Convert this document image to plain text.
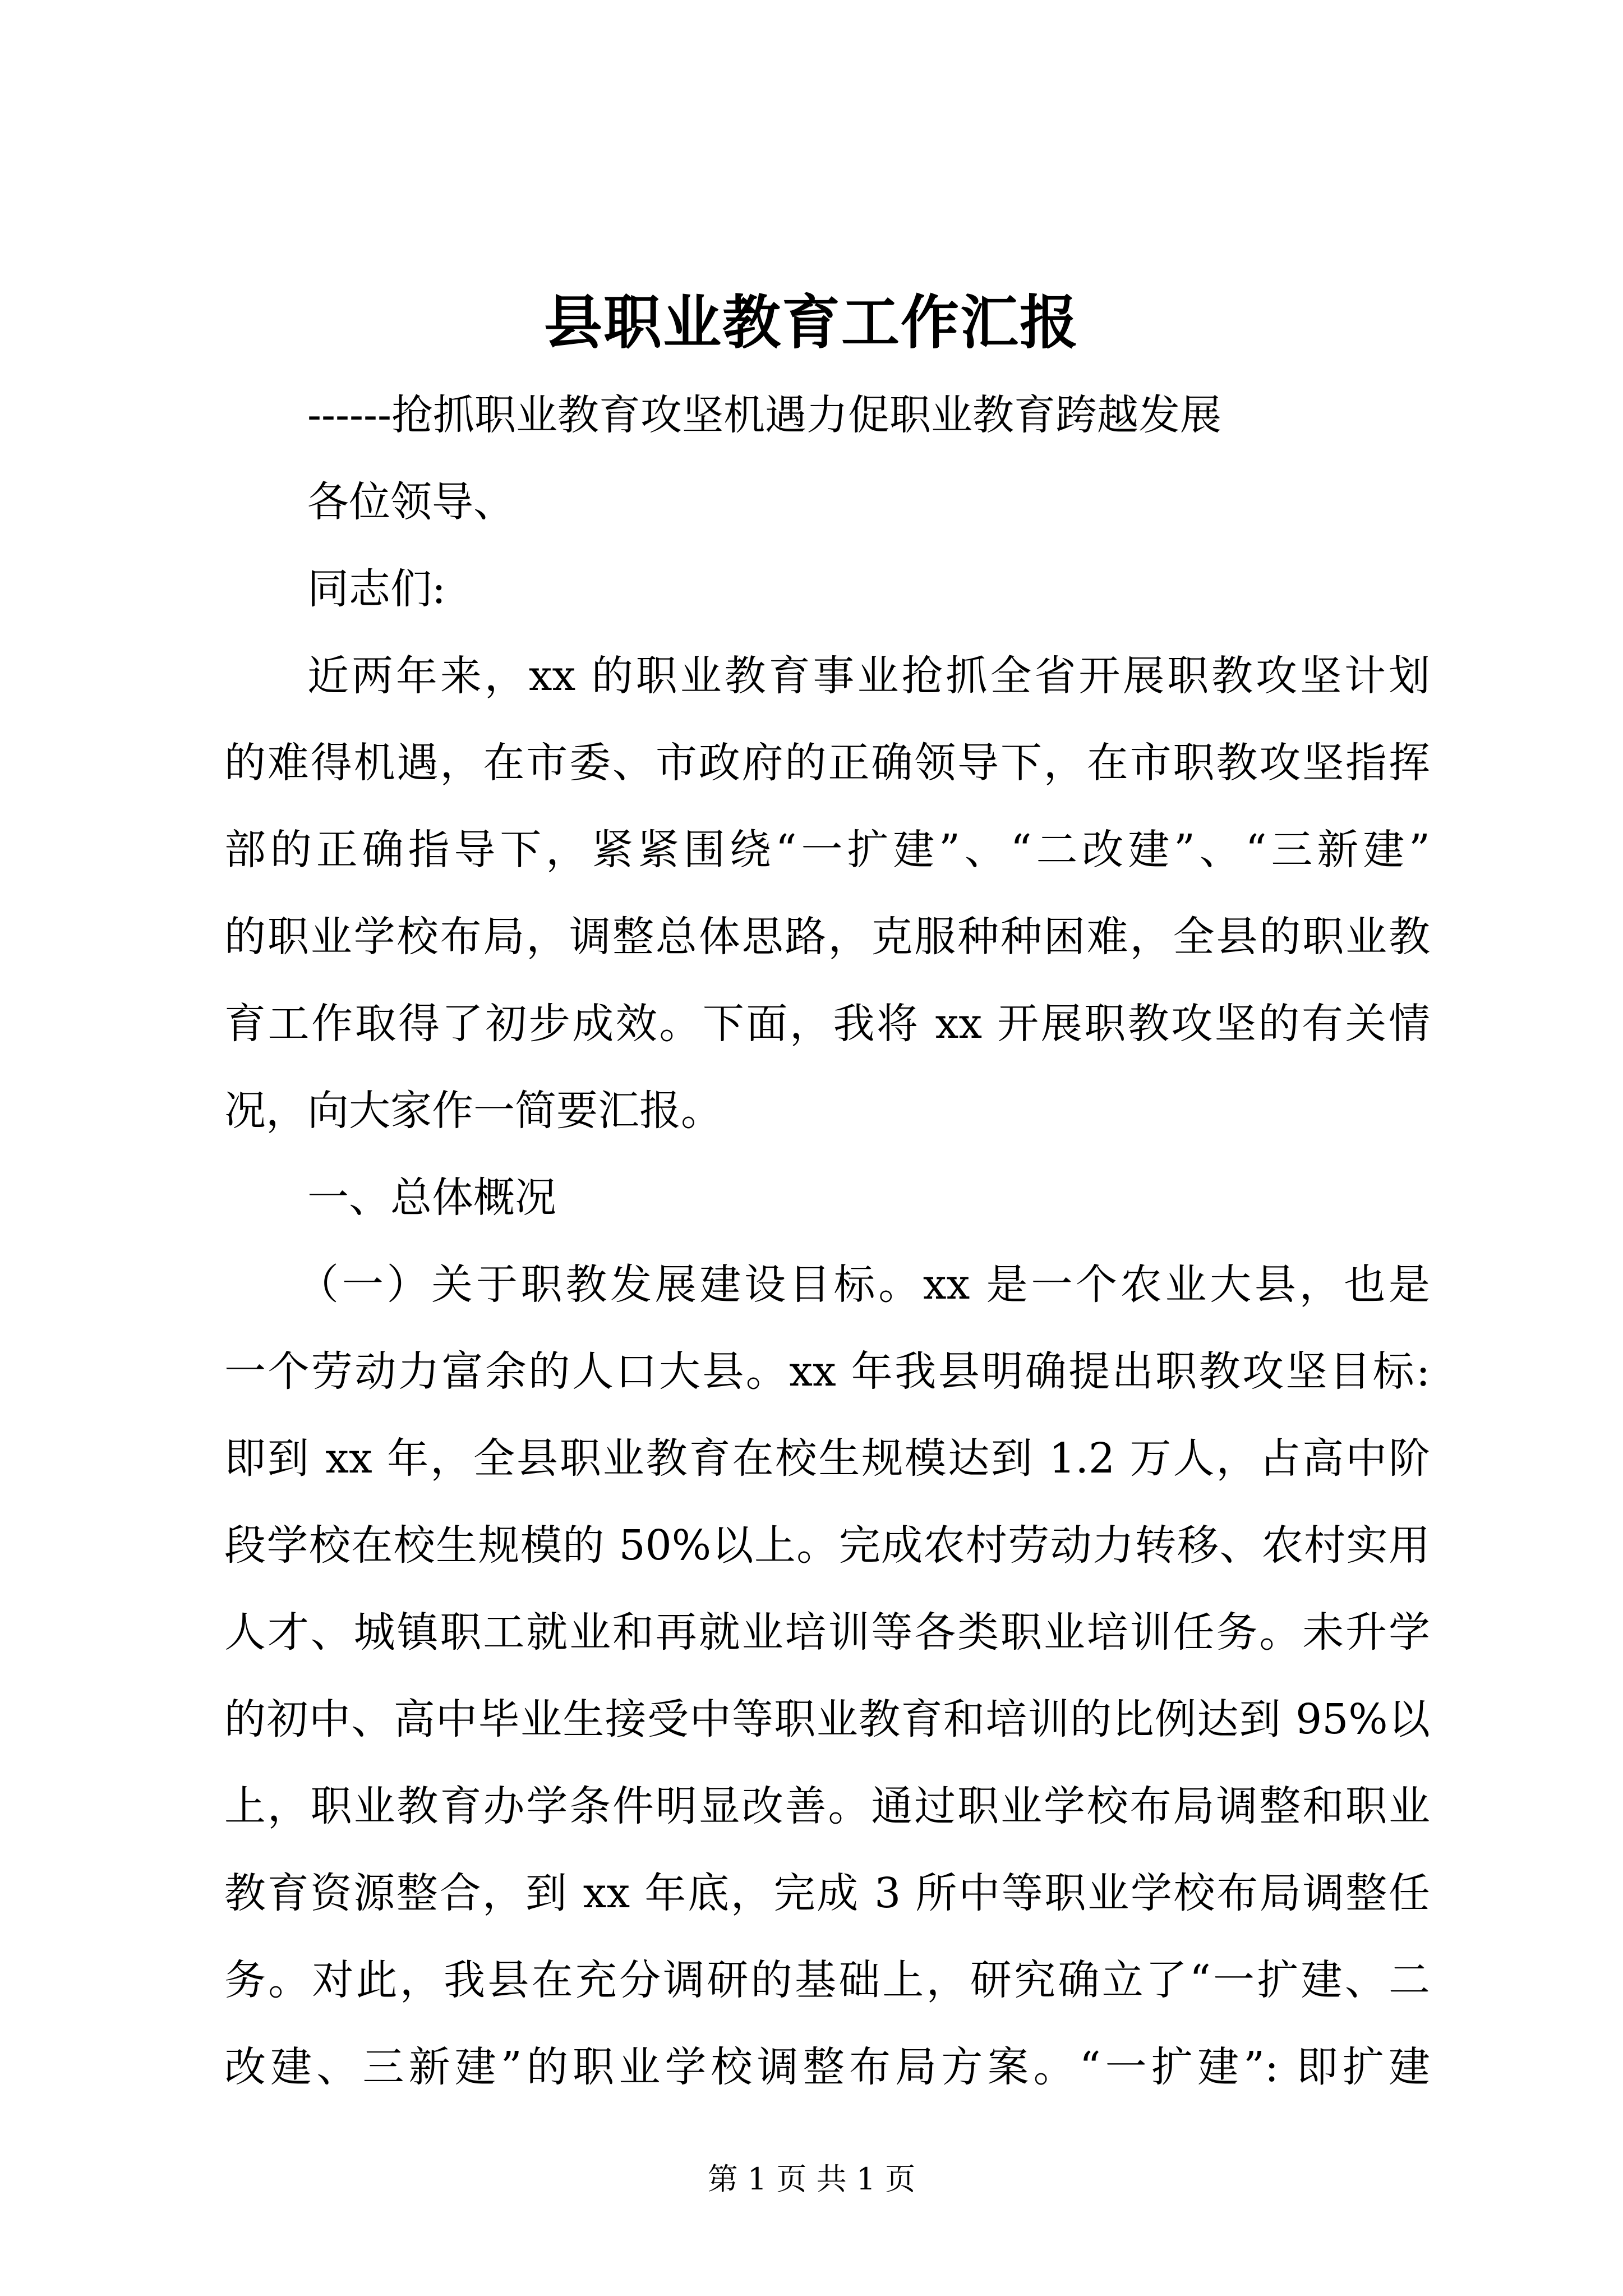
县职业教育工作汇报
------抢抓职业教育攻坚机遇力促职业教育跨越发展
各位领导、
同志们:
近两年来，xx 的职业教育事业抢抓全省开展职教攻坚计划
的难得机遇，在市委、市政府的正确领导下，在市职教攻坚指挥
部的正确指导下，紧紧围绕“一扩建”、“二改建”、“三新建”
的职业学校布局，调整总体思路，克服种种困难，全县的职业教
育工作取得了初步成效。下面，我将 xx 开展职教攻坚的有关情
况，向大家作一简要汇报。
一、总体概况
（一）关于职教发展建设目标。xx 是一个农业大县，也是
一个劳动力富余的人口大县。xx 年我县明确提出职教攻坚目标:
即到 xx 年，全县职业教育在校生规模达到 1.2 万人，占高中阶
段学校在校生规模的 50%以上。完成农村劳动力转移、农村实用
人才、城镇职工就业和再就业培训等各类职业培训任务。未升学
的初中、高中毕业生接受中等职业教育和培训的比例达到 95%以
上，职业教育办学条件明显改善。通过职业学校布局调整和职业
教育资源整合，到 xx 年底，完成 3 所中等职业学校布局调整任
务。对此，我县在充分调研的基础上，研究确立了“一扩建、二
改建、三新建”的职业学校调整布局方案。“一扩建”: 即扩建
第 1 页 共 1 页
